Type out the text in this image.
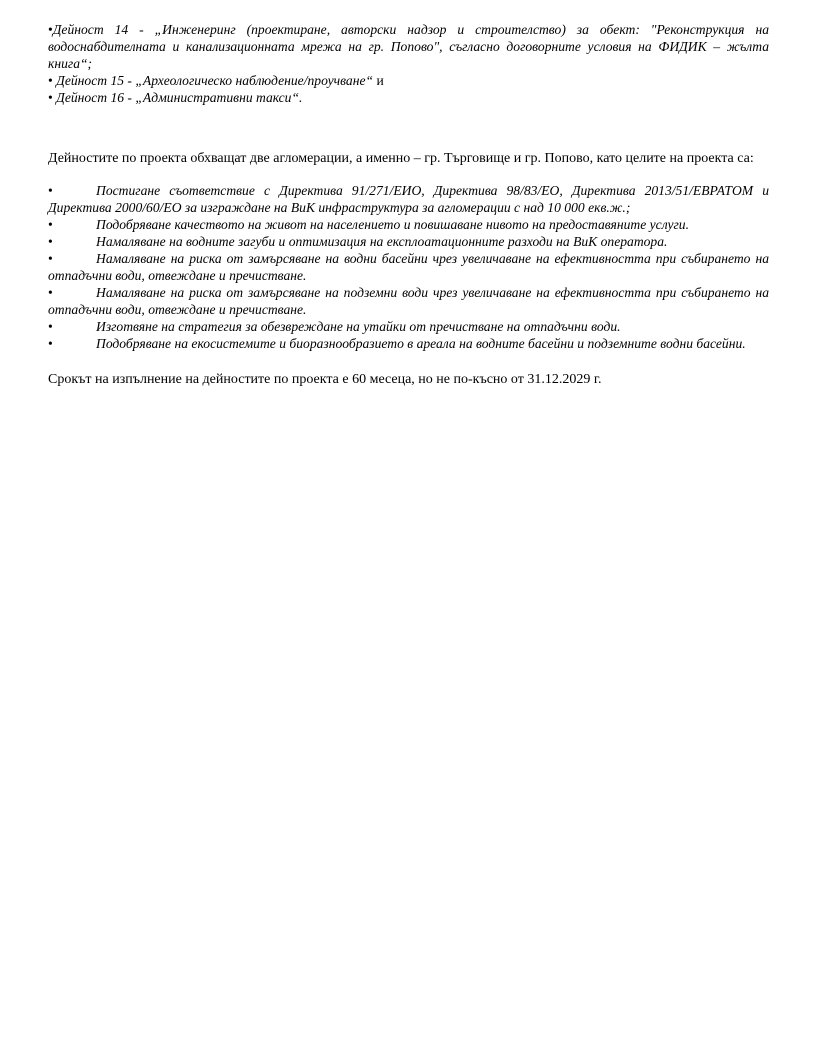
•Дейност 14 - „Инженеринг (проектиране, авторски надзор и строителство) за обект: "Реконструкция на водоснабдителната и канализационната мрежа на гр. Попово", съгласно договорните условия на ФИДИК – жълта книга“;

• Дейност 15 - „Археологическо наблюдение/проучване“ и

• Дейност 16 - „Административни такси“.

Дейностите по проекта обхващат две агломерации, а именно – гр. Търговище и гр. Попово, като целите на проекта са:

•	Постигане съответствие с Директива 91/271/ЕИО, Директива 98/83/ЕО, Директива 2013/51/ЕВРАТОМ и Директива 2000/60/ЕО за изграждане на ВиК инфраструктура за агломерации с над 10 000 екв.ж.;

•	Подобряване качеството на живот на населението и повишаване нивото на предоставяните услуги.

•	Намаляване на водните загуби и оптимизация на експлоатационните разходи на ВиК оператора.

•	Намаляване на риска от замърсяване на водни басейни чрез увеличаване на ефективността при събирането на отпадъчни води, отвеждане и пречистване.

•	Намаляване на риска от замърсяване на подземни води чрез увеличаване на ефективността при събирането на отпадъчни води, отвеждане и пречистване.

•	Изготвяне на стратегия за обезвреждане на утайки от пречистване на отпадъчни води.

•	Подобряване на екосистемите и биоразнообразието в ареала на водните басейни и подземните водни басейни.

Срокът на изпълнение на дейностите по проекта е 60 месеца, но не по-късно от 31.12.2029 г.
